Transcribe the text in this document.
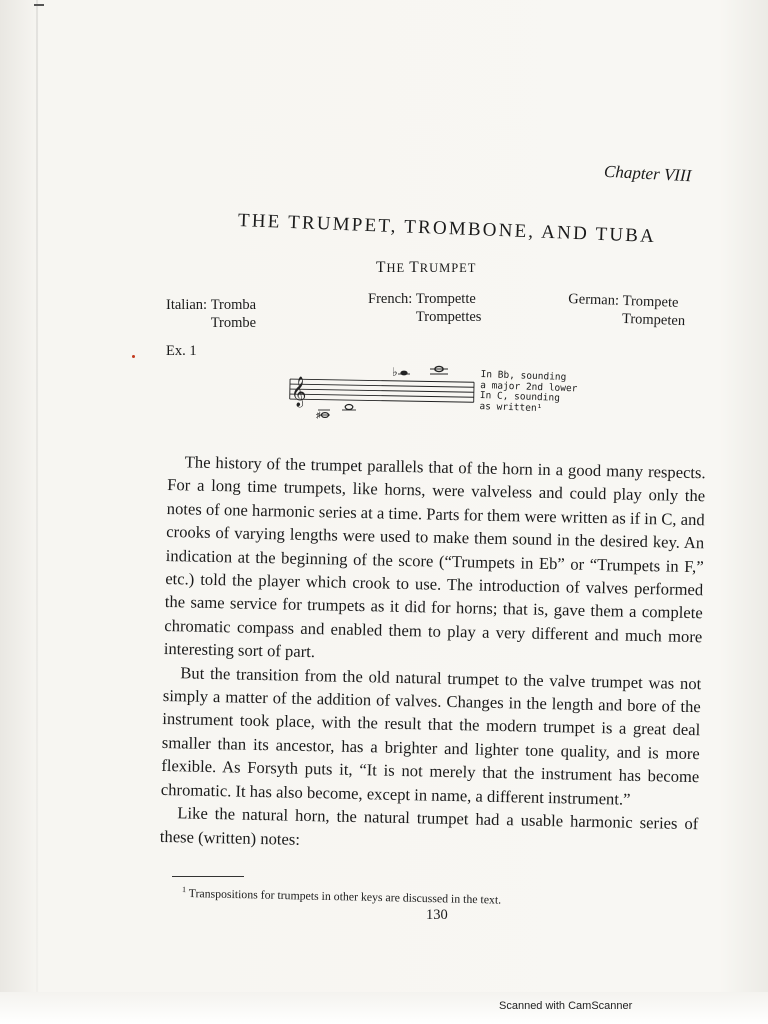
Chapter VIII
THE TRUMPET, TROMBONE, AND TUBA
THE TRUMPET
Italian: Tromba
Trombe
French: Trompette
Trompettes
German: Trompete
Trompeten
Ex. 1
𝄞
♯
♭	In Bb, sounding
a major 2nd lower
In C, sounding
as written¹

The history of the trumpet parallels that of the horn in a good many respects. For a long time trumpets, like horns, were valveless and could play only the notes of one harmonic series at a time. Parts for them were written as if in C, and crooks of varying lengths were used to make them sound in the desired key. An indication at the beginning of the score (“Trumpets in Eb” or “Trumpets in F,” etc.) told the player which crook to use. The introduction of valves performed the same service for trumpets as it did for horns; that is, gave them a complete chromatic compass and enabled them to play a very different and much more interesting sort of part.

But the transition from the old natural trumpet to the valve trumpet was not simply a matter of the addition of valves. Changes in the length and bore of the instrument took place, with the result that the modern trumpet is a great deal smaller than its ancestor, has a brighter and lighter tone quality, and is more flexible. As Forsyth puts it, “It is not merely that the instrument has become chromatic. It has also become, except in name, a different instrument.”

Like the natural horn, the natural trumpet had a usable harmonic series of these (written) notes:

$^1$ Transpositions for trumpets in other keys are discussed in the text.
130
Scanned with CamScanner
